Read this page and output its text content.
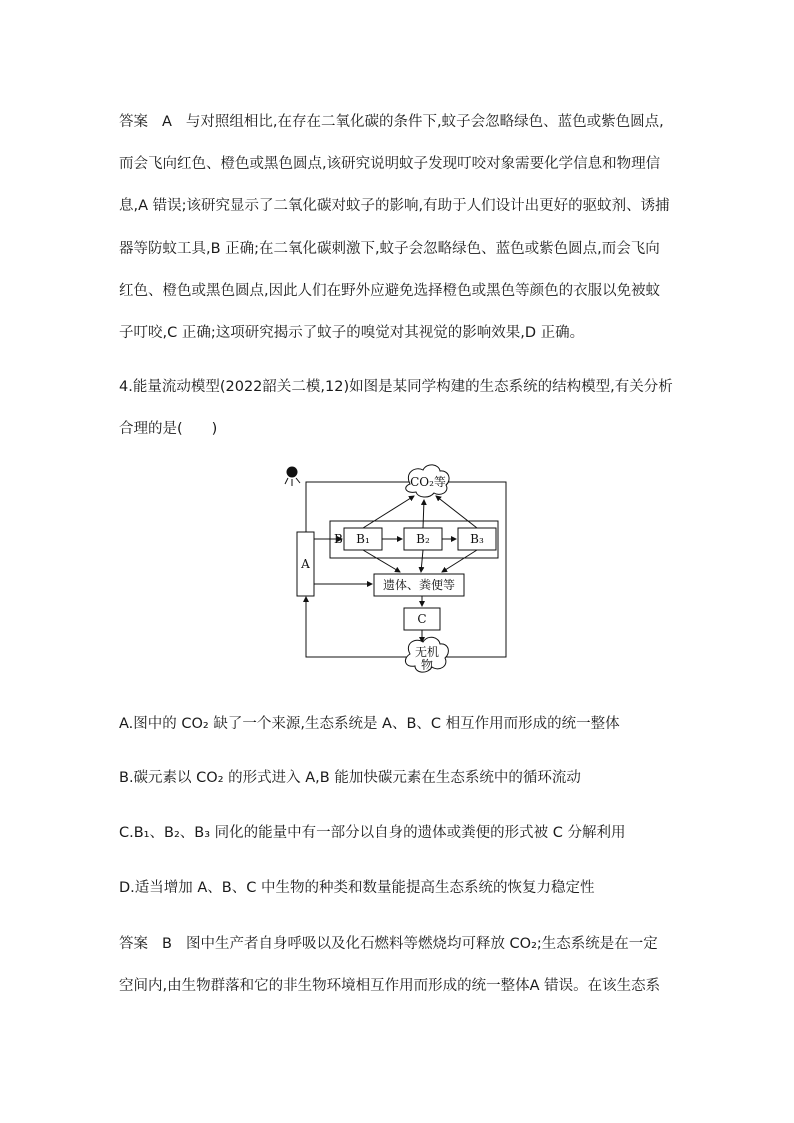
答案 A 与对照组相比,在存在二氧化碳的条件下,蚊子会忽略绿色、蓝色或紫色圆点,
而会飞向红色、橙色或黑色圆点,该研究说明蚊子发现叮咬对象需要化学信息和物理信
息,A 错误;该研究显示了二氧化碳对蚊子的影响,有助于人们设计出更好的驱蚊剂、诱捕
器等防蚊工具,B 正确;在二氧化碳刺激下,蚊子会忽略绿色、蓝色或紫色圆点,而会飞向
红色、橙色或黑色圆点,因此人们在野外应避免选择橙色或黑色等颜色的衣服以免被蚊
子叮咬,C 正确;这项研究揭示了蚊子的嗅觉对其视觉的影响效果,D 正确。
4.能量流动模型(2022韶关二模,12)如图是某同学构建的生态系统的结构模型,有关分析
合理的是(　　)
CO₂等
A
B B₁	B₂	B₃
遗体、粪便等
C
无机
物
A.图中的 CO₂ 缺了一个来源,生态系统是 A、B、C 相互作用而形成的统一整体
B.碳元素以 CO₂ 的形式进入 A,B 能加快碳元素在生态系统中的循环流动
C.B₁、B₂、B₃ 同化的能量中有一部分以自身的遗体或粪便的形式被 C 分解利用
D.适当增加 A、B、C 中生物的种类和数量能提高生态系统的恢复力稳定性
答案 B 图中生产者自身呼吸以及化石燃料等燃烧均可释放 CO₂;生态系统是在一定
空间内,由生物群落和它的非生物环境相互作用而形成的统一整体A 错误。在该生态系
